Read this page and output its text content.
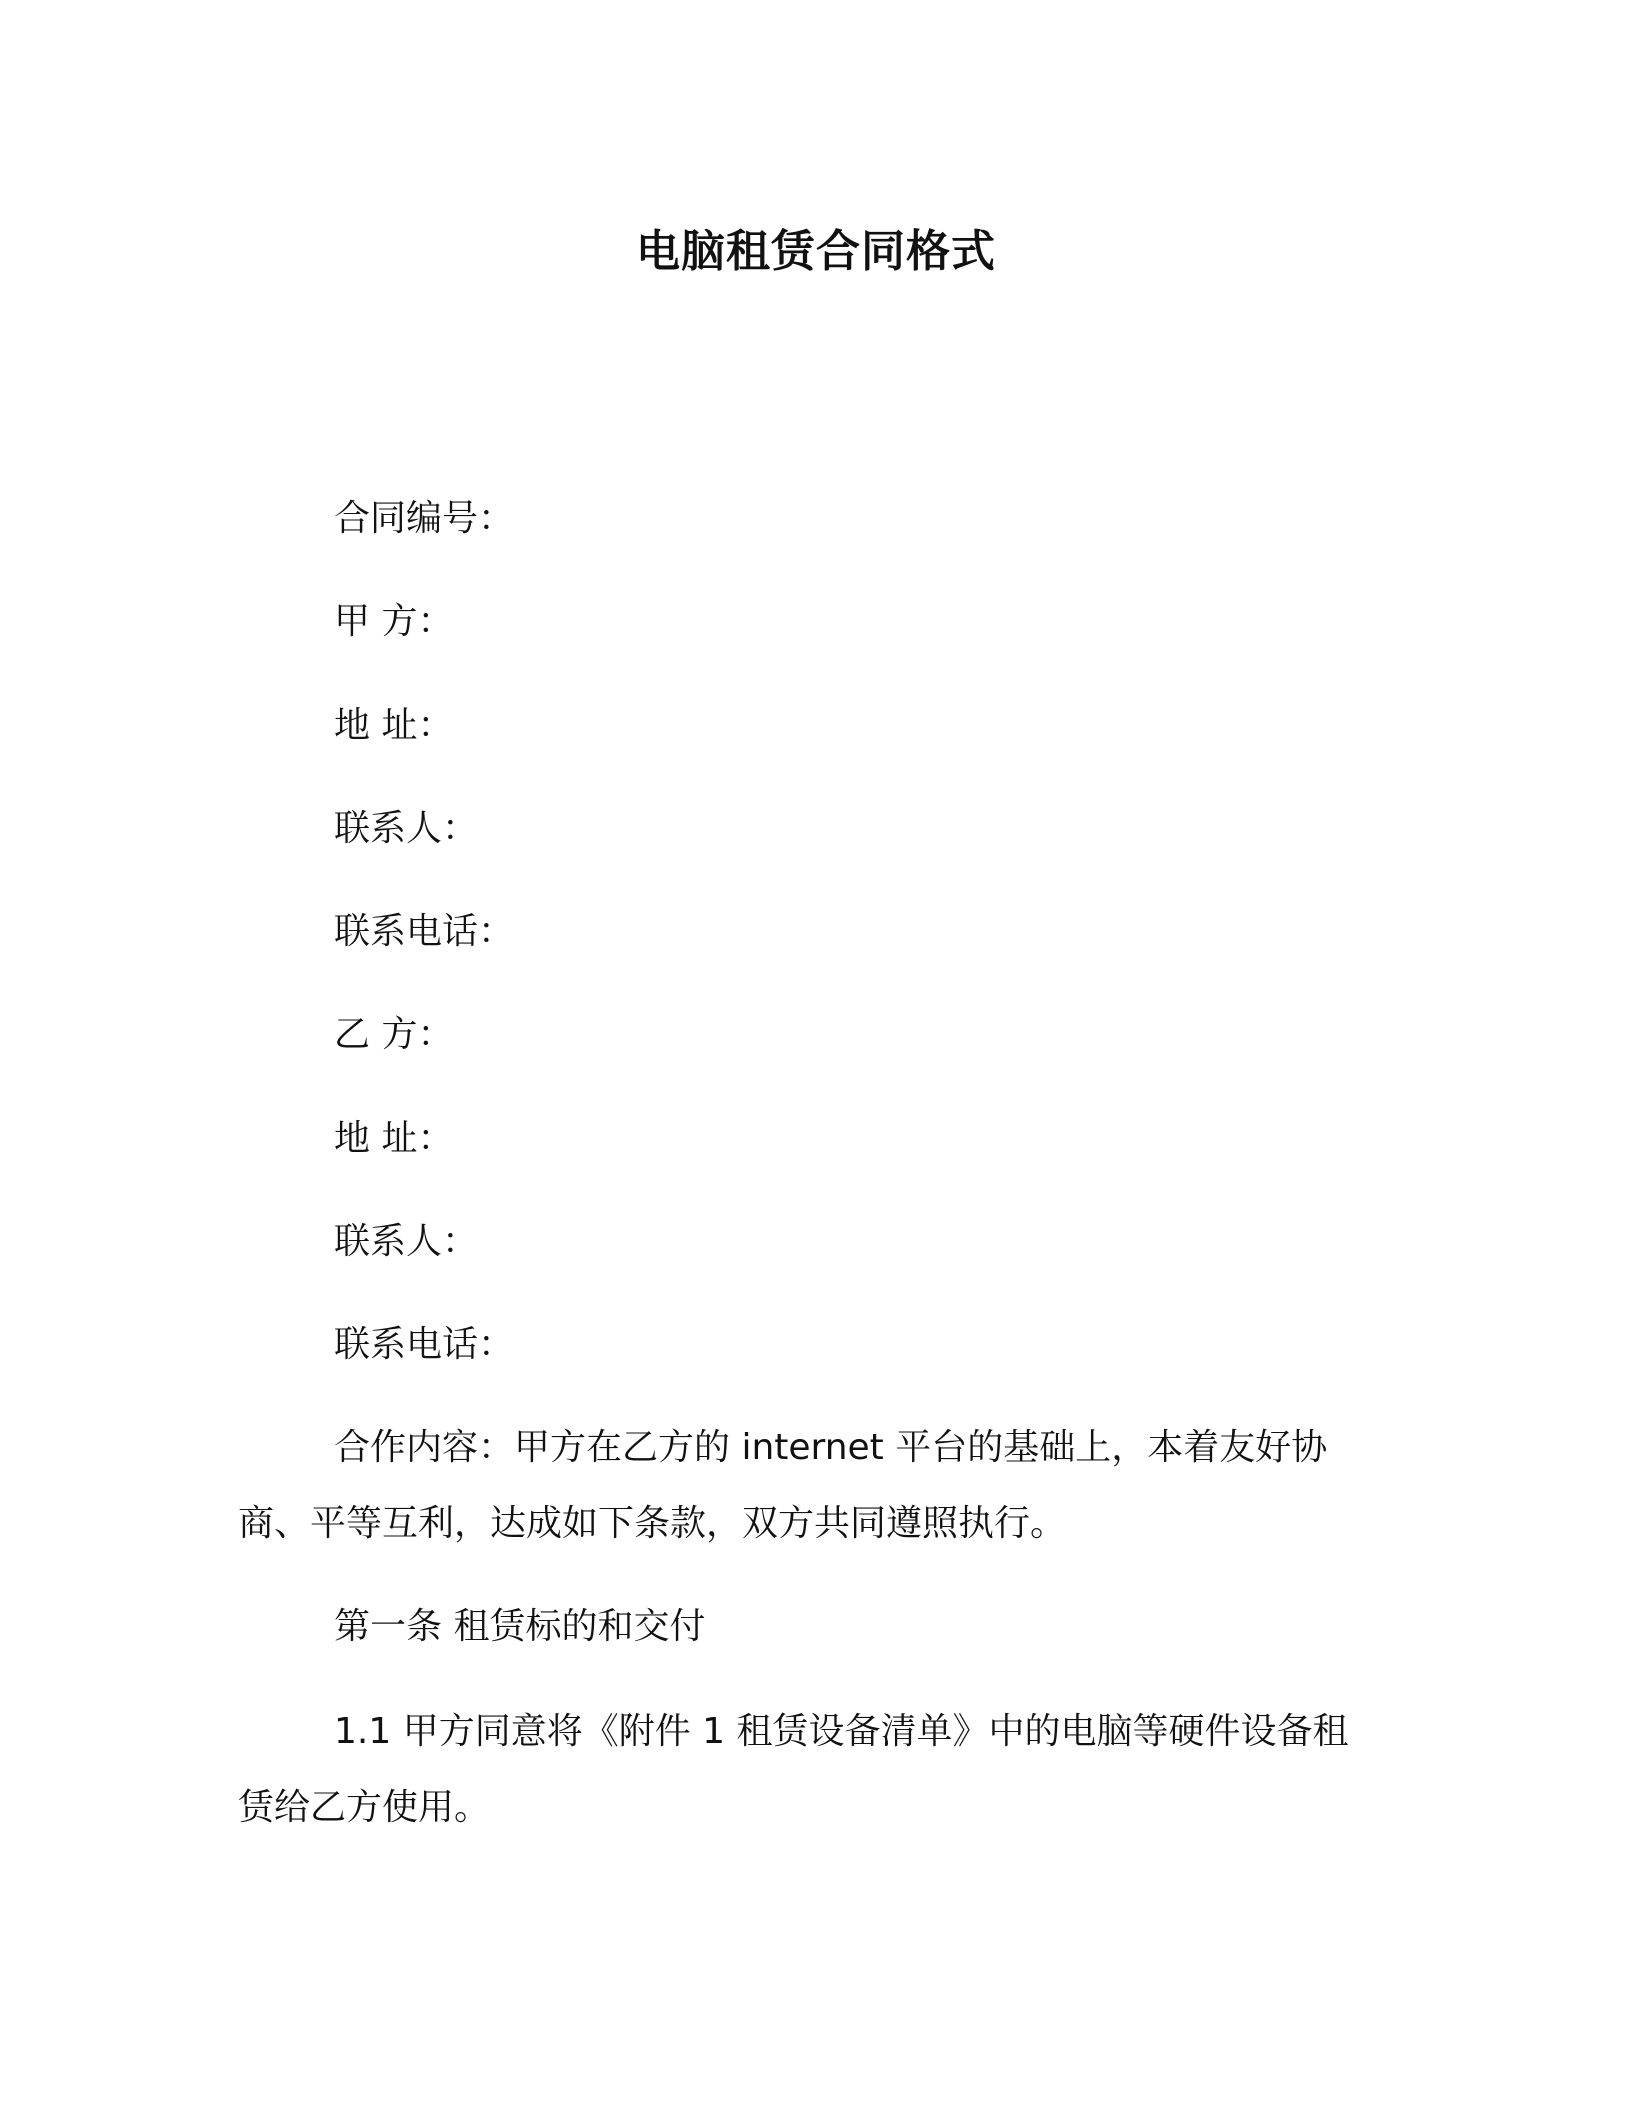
电脑租赁合同格式
合同编号：
甲 方：
地 址：
联系人：
联系电话：
乙 方：
地 址：
联系人：
联系电话：
合作内容：甲方在乙方的 internet 平台的基础上，本着友好协商、平等互利，达成如下条款，双方共同遵照执行。
第一条 租赁标的和交付
1.1 甲方同意将《附件 1 租赁设备清单》中的电脑等硬件设备租赁给乙方使用。
